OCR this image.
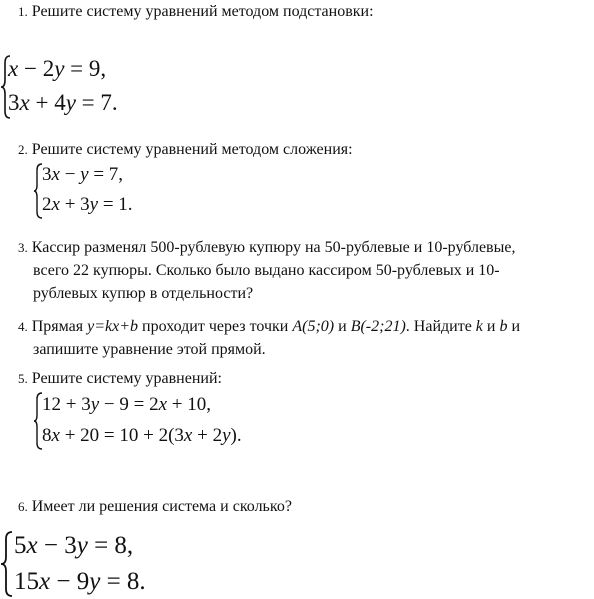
1. Решите систему уравнений методом подстановки:
x − 2y = 9,
3x + 4y = 7.
2. Решите систему уравнений методом сложения:
3x − y = 7,
2x + 3y = 1.
3. Кассир разменял 500-рублевую купюру на 50-рублевые и 10-рублевые,
всего 22 купюры. Сколько было выдано кассиром 50-рублевых и 10-
рублевых купюр в отдельности?
4. Прямая y=kx+b проходит через точки A(5;0) и B(-2;21). Найдите k и b и
запишите уравнение этой прямой.
5. Решите систему уравнений:
12 + 3y − 9 = 2x + 10,
8x + 20 = 10 + 2(3x + 2y).
6. Имеет ли решения система и сколько?
5x − 3y = 8,
15x − 9y = 8.
